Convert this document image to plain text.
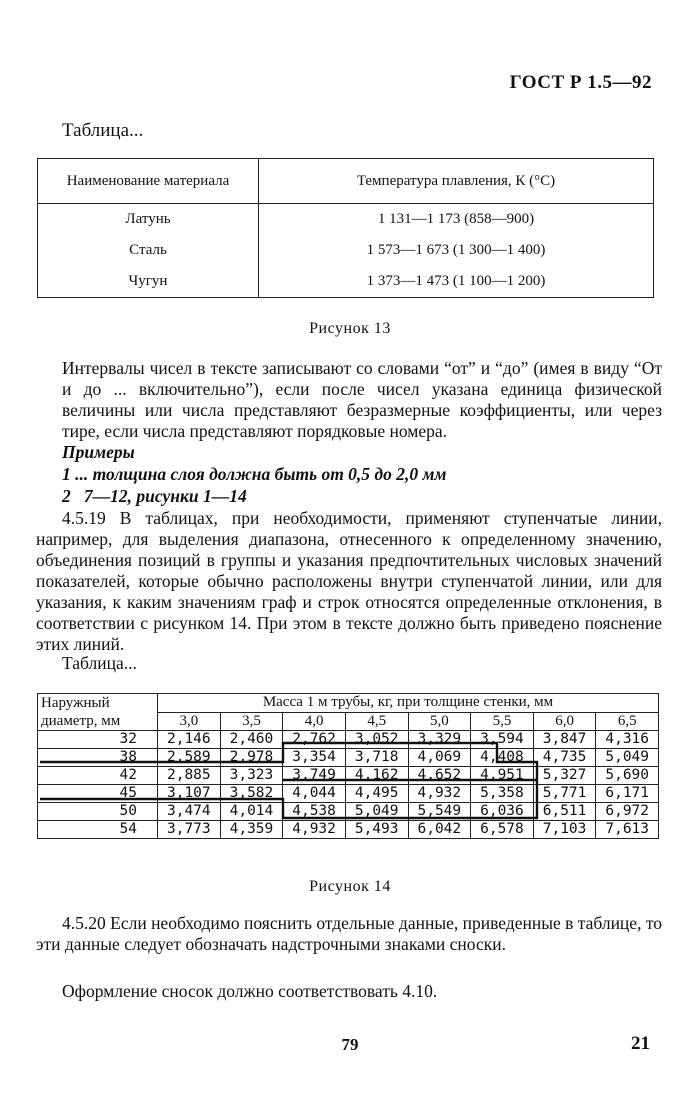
ГОСТ Р 1.5—92
Таблица...
Наименование материала	Температура плавления, К (°С)
Латунь	1 131—1 173 (858—900)
Сталь	1 573—1 673 (1 300—1 400)
Чугун	1 373—1 473 (1 100—1 200)
Рисунок 13
Интервалы чисел в тексте записывают со словами “от” и “до” (имея в виду “От и до ... включительно”), если после чисел указана единица физической величины или числа представляют безразмерные коэффициенты, или через тире, если числа представляют порядковые номера.
Примеры
1 ... толщина слоя должна быть от 0,5 до 2,0 мм
2   7—12, рисунки 1—14
4.5.19 В таблицах, при необходимости, применяют ступенчатые линии, например, для выделения диапазона, отнесенного к определенному значению, объединения позиций в группы и указания предпочтительных числовых значений показателей, которые обычно расположены внутри ступенчатой линии, или для указания, к каким значениям граф и строк относятся определенные отклонения, в соответствии с рисунком 14. При этом в тексте должно быть приведено пояснение этих линий.
Таблица...
Наружный диаметр, мм	Масса 1 м трубы, кг, при толщине стенки, мм							
	3,0	3,5	4,0	4,5	5,0	5,5	6,0	6,5
32	2,146	2,460	2,762	3,052	3,329	3,594	3,847	4,316
38	2,589	2,978	3,354	3,718	4,069	4,408	4,735	5,049
42	2,885	3,323	3,749	4,162	4,652	4,951	5,327	5,690
45	3,107	3,582	4,044	4,495	4,932	5,358	5,771	6,171
50	3,474	4,014	4,538	5,049	5,549	6,036	6,511	6,972
54	3,773	4,359	4,932	5,493	6,042	6,578	7,103	7,613
Рисунок 14
4.5.20 Если необходимо пояснить отдельные данные, приведенные в таблице, то эти данные следует обозначать надстрочными знаками сноски.
Оформление сносок должно соответствовать 4.10.
79	21
